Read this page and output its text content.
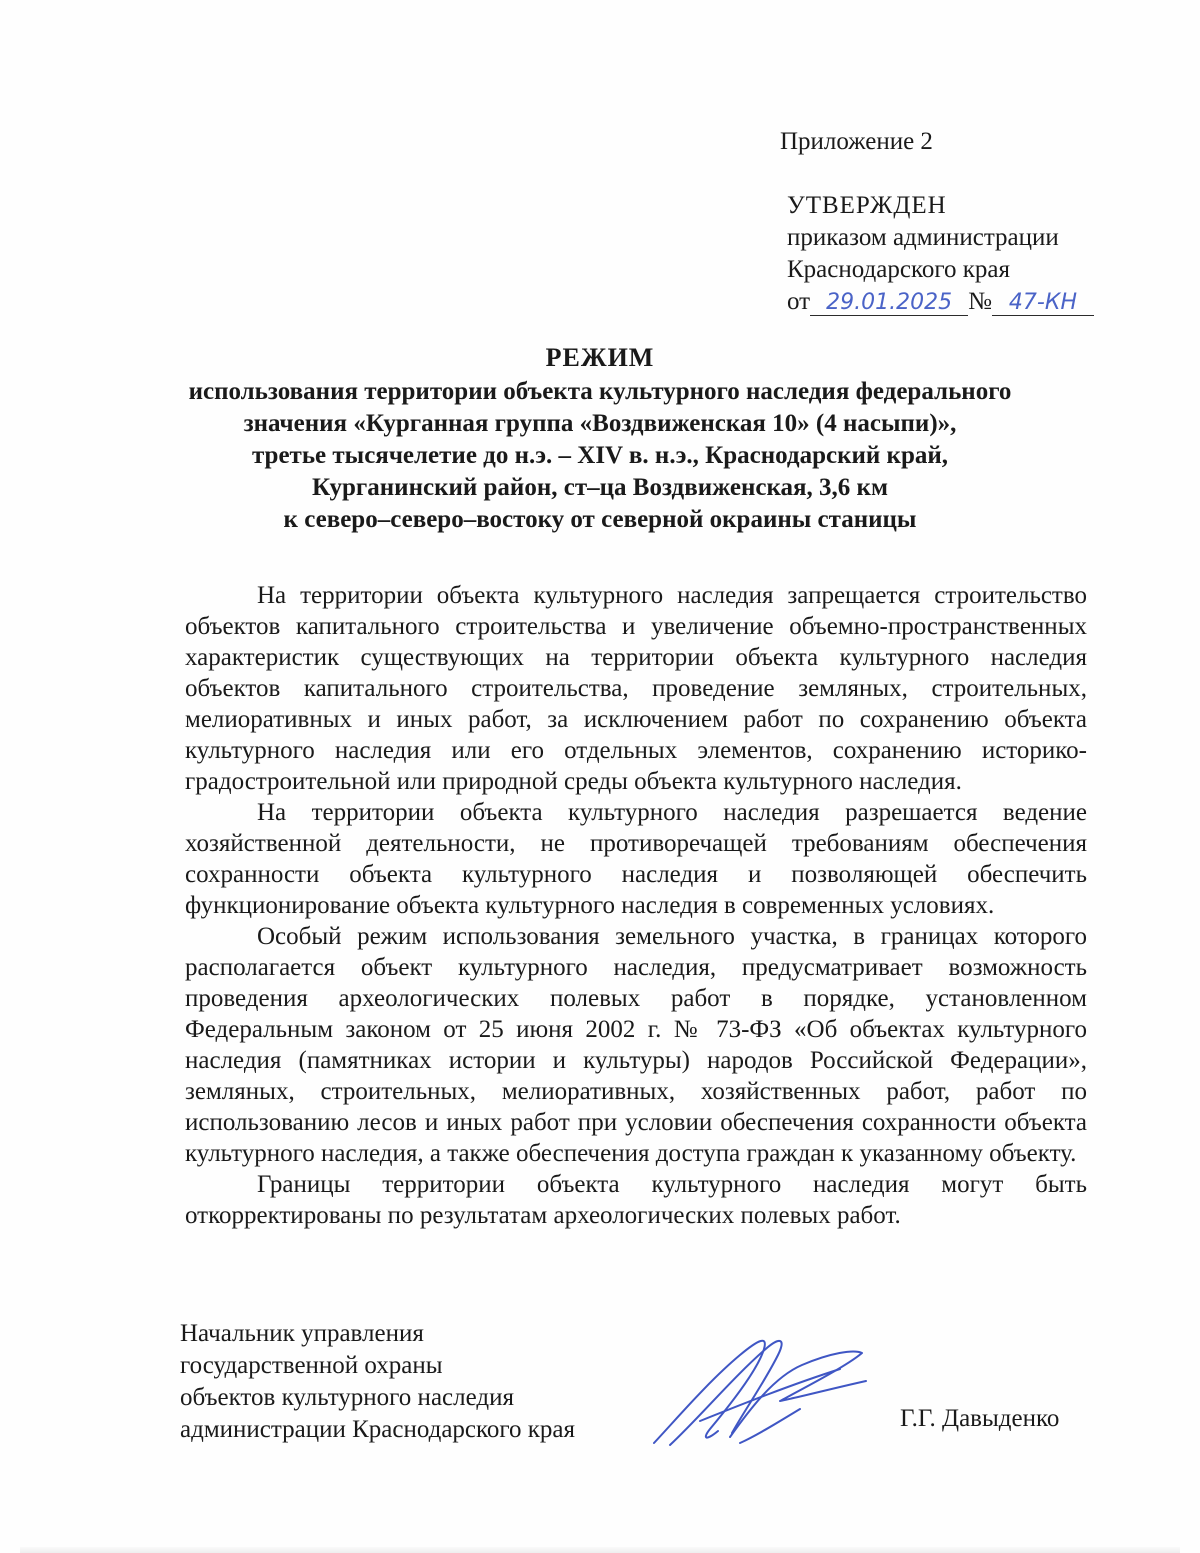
Приложение 2
УТВЕРЖДЕН
приказом администрации
Краснодарского края
от 29.01.2025 № 47-КН
РЕЖИМ
использования территории объекта культурного наследия федерального
значения «Курганная группа «Воздвиженская 10» (4 насыпи)»,
третье тысячелетие до н.э. – XIV в. н.э., Краснодарский край,
Курганинский район, ст–ца Воздвиженская, 3,6 км
к северо–северо–востоку от северной окраины станицы

На территории объекта культурного наследия запрещается строительство объектов капитального строительства и увеличение объемно-пространственных характеристик существующих на территории объекта культурного наследия объектов капитального строительства, проведение земляных, строительных, мелиоративных и иных работ, за исключением работ по сохранению объекта культурного наследия или его отдельных элементов, сохранению историко-градостроительной или природной среды объекта культурного наследия.

На территории объекта культурного наследия разрешается ведение хозяйственной деятельности, не противоречащей требованиям обеспечения сохранности объекта культурного наследия и позволяющей обеспечить функционирование объекта культурного наследия в современных условиях.

Особый режим использования земельного участка, в границах которого располагается объект культурного наследия, предусматривает возможность проведения археологических полевых работ в порядке, установленном Федеральным законом от 25 июня 2002 г. № 73-ФЗ «Об объектах культурного наследия (памятниках истории и культуры) народов Российской Федерации», земляных, строительных, мелиоративных, хозяйственных работ, работ по использованию лесов и иных работ при условии обеспечения сохранности объекта культурного наследия, а также обеспечения доступа граждан к указанному объекту.

Границы территории объекта культурного наследия могут быть откорректированы по результатам археологических полевых работ.

Начальник управления
государственной охраны
объектов культурного наследия
администрации Краснодарского края	Г.Г. Давыденко
